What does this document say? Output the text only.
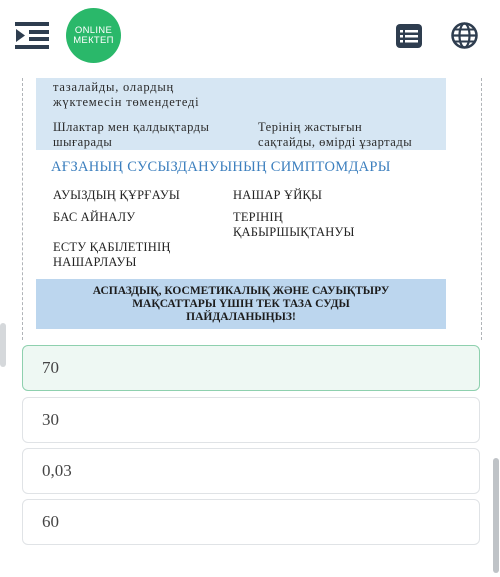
ONLINE
МЕКТЕП
тазалайды, олардың
жүктемесін төмендетеді
Шлактар мен қалдықтарды
шығарады
Терінің жастығын
сақтайды, өмірді ұзартады
АҒЗАНЫҢ СУСЫЗДАНУЫНЫҢ СИМПТОМДАРЫ
АУЫЗДЫҢ ҚҰРҒАУЫ
БАС АЙНАЛУ
ЕСТУ ҚАБІЛЕТІНІҢ
НАШАРЛАУЫ
НАШАР ҰЙҚЫ
ТЕРІНІҢ
ҚАБЫРШЫҚТАНУЫ
АСПАЗДЫҚ, КОСМЕТИКАЛЫҚ ЖӘНЕ САУЫҚТЫРУ
МАҚСАТТАРЫ ҮШІН ТЕК ТАЗА СУДЫ
ПАЙДАЛАНЫҢЫЗ!
70
30
0,03
60
